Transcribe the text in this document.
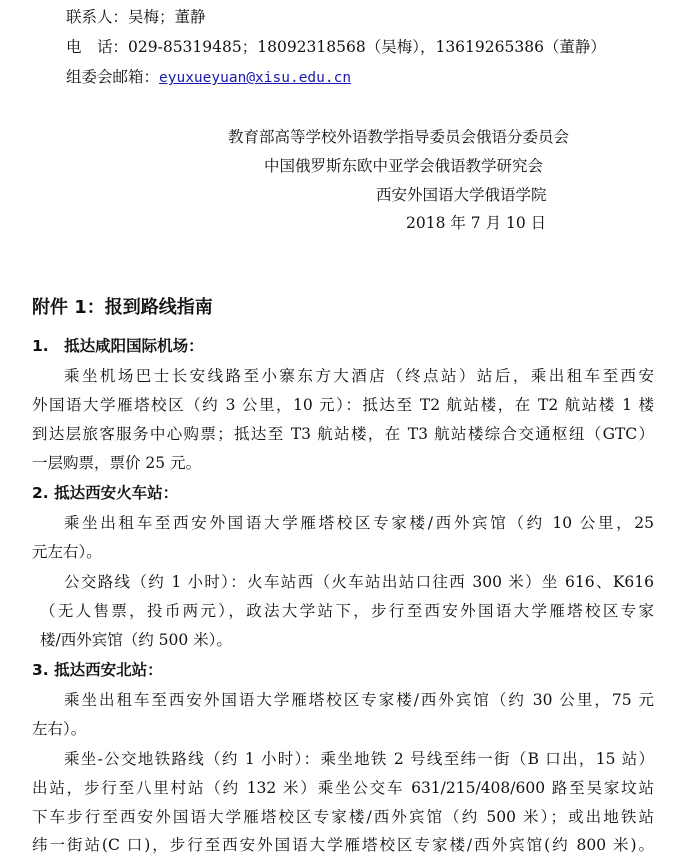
联系人：吴梅；董静
电　话：029-85319485；18092318568（吴梅），13619265386（董静）
组委会邮箱：eyuxueyuan@xisu.edu.cn
教育部高等学校外语教学指导委员会俄语分委员会
中国俄罗斯东欧中亚学会俄语教学研究会
西安外国语大学俄语学院
2018 年 7 月 10 日
附件 1：报到路线指南
1.　抵达咸阳国际机场：
乘坐机场巴士长安线路至小寨东方大酒店（终点站）站后，乘出租车至西安
外国语大学雁塔校区（约 3 公里，10 元）：抵达至 T2 航站楼，在 T2 航站楼 1 楼
到达层旅客服务中心购票；抵达至 T3 航站楼，在 T3 航站楼综合交通枢纽（GTC）
一层购票，票价 25 元。
2. 抵达西安火车站：
乘坐出租车至西安外国语大学雁塔校区专家楼/西外宾馆（约 10 公里，25
元左右）。
公交路线（约 1 小时）：火车站西（火车站出站口往西 300 米）坐 616、K616
（无人售票，投币两元），政法大学站下，步行至西安外国语大学雁塔校区专家
楼/西外宾馆（约 500 米）。
3. 抵达西安北站：
乘坐出租车至西安外国语大学雁塔校区专家楼/西外宾馆（约 30 公里，75 元
左右）。
乘坐-公交地铁路线（约 1 小时）：乘坐地铁 2 号线至纬一街（B 口出，15 站）
出站，步行至八里村站（约 132 米）乘坐公交车 631/215/408/600 路至吴家坟站
下车步行至西安外国语大学雁塔校区专家楼/西外宾馆（约 500 米）；或出地铁站
纬一街站(C 口)，步行至西安外国语大学雁塔校区专家楼/西外宾馆(约 800 米)。
